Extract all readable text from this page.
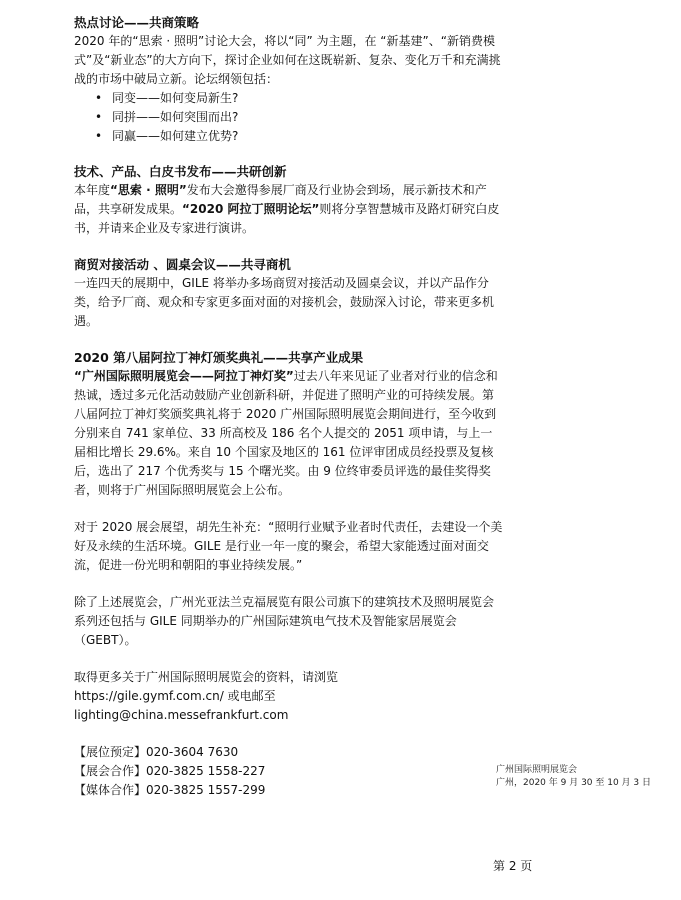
热点讨论——共商策略

2020 年的“思索 · 照明”讨论大会，将以“同” 为主题，在 “新基建”、“新销费模式”及“新业态”的大方向下，探讨企业如何在这既崭新、复杂、变化万千和充满挑战的市场中破局立新。论坛纲领包括：

• 同变——如何变局新生?
• 同拼——如何突围而出?
• 同赢——如何建立优势?

技术、产品、白皮书发布——共研创新

本年度“思索 · 照明”发布大会邀得参展厂商及行业协会到场，展示新技术和产品，共享研发成果。“2020 阿拉丁照明论坛”则将分享智慧城市及路灯研究白皮书，并请来企业及专家进行演讲。

商贸对接活动 、圆桌会议——共寻商机

一连四天的展期中，GILE 将举办多场商贸对接活动及圆桌会议，并以产品作分类，给予厂商、观众和专家更多面对面的对接机会，鼓励深入讨论，带来更多机遇。

2020 第八届阿拉丁神灯颁奖典礼——共享产业成果

“广州国际照明展览会——阿拉丁神灯奖”过去八年来见证了业者对行业的信念和热诚，透过多元化活动鼓励产业创新科研，并促进了照明产业的可持续发展。第八届阿拉丁神灯奖颁奖典礼将于 2020 广州国际照明展览会期间进行，至今收到分别来自 741 家单位、33 所高校及 186 名个人提交的 2051 项申请，与上一届相比增长 29.6%。来自 10 个国家及地区的 161 位评审团成员经投票及复核后，选出了 217 个优秀奖与 15 个曙光奖。由 9 位终审委员评选的最佳奖得奖者，则将于广州国际照明展览会上公布。

对于 2020 展会展望，胡先生补充：“照明行业赋予业者时代责任，去建设一个美好及永续的生活环境。GILE 是行业一年一度的聚会，希望大家能透过面对面交流，促进一份光明和朝阳的事业持续发展。”

除了上述展览会，广州光亚法兰克福展览有限公司旗下的建筑技术及照明展览会系列还包括与 GILE 同期举办的广州国际建筑电气技术及智能家居展览会（GEBT）。

取得更多关于广州国际照明展览会的资料，请浏览

https://gile.gymf.com.cn/ 或电邮至

lighting@china.messefrankfurt.com

【展位预定】020-3604 7630

【展会合作】020-3825 1558-227

【媒体合作】020-3825 1557-299

广州国际照明展览会
广州，2020 年 9 月 30 至 10 月 3 日
第 2 页
